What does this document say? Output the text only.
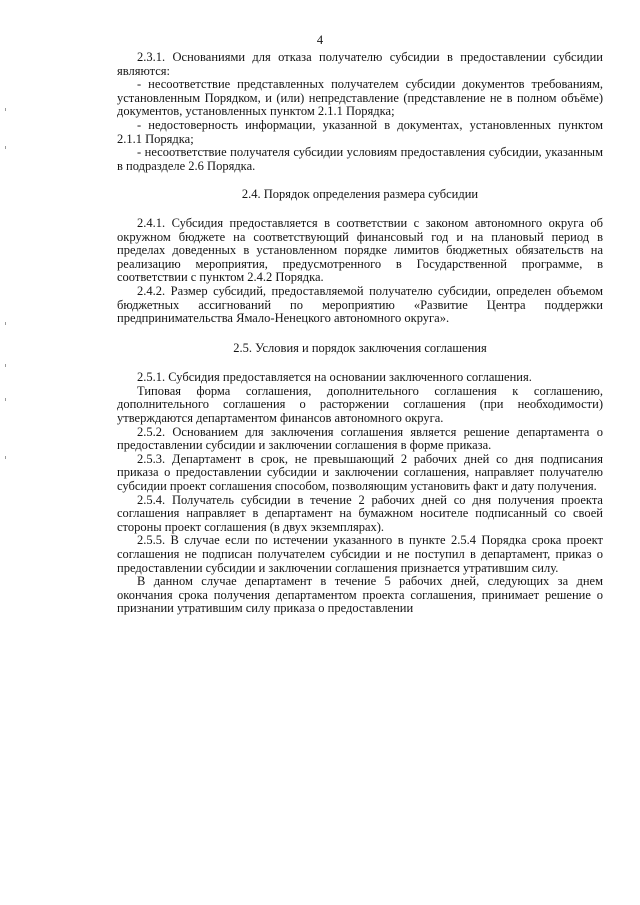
4

2.3.1. Основаниями для отказа получателю субсидии в предоставлении субсидии являются:

- несоответствие представленных получателем субсидии документов требованиям, установленным Порядком, и (или) непредставление (представление не в полном объёме) документов, установленных пунктом 2.1.1 Порядка;

- недостоверность информации, указанной в документах, установленных пунктом 2.1.1 Порядка;

- несоответствие получателя субсидии условиям предоставления субсидии, указанным в подразделе 2.6 Порядка.

2.4. Порядок определения размера субсидии

2.4.1. Субсидия предоставляется в соответствии с законом автономного округа об окружном бюджете на соответствующий финансовый год и на плановый период в пределах доведенных в установленном порядке лимитов бюджетных обязательств на реализацию мероприятия, предусмотренного в Государственной программе, в соответствии с пунктом 2.4.2 Порядка.

2.4.2. Размер субсидий, предоставляемой получателю субсидии, определен объемом бюджетных ассигнований по мероприятию «Развитие Центра поддержки предпринимательства Ямало-Ненецкого автономного округа».

2.5. Условия и порядок заключения соглашения

2.5.1. Субсидия предоставляется на основании заключенного соглашения.

Типовая форма соглашения, дополнительного соглашения к соглашению, дополнительного соглашения о расторжении соглашения (при необходимости) утверждаются департаментом финансов автономного округа.

2.5.2. Основанием для заключения соглашения является решение департамента о предоставлении субсидии и заключении соглашения в форме приказа.

2.5.3. Департамент в срок, не превышающий 2 рабочих дней со дня подписания приказа о предоставлении субсидии и заключении соглашения, направляет получателю субсидии проект соглашения способом, позволяющим установить факт и дату получения.

2.5.4. Получатель субсидии в течение 2 рабочих дней со дня получения проекта соглашения направляет в департамент на бумажном носителе подписанный со своей стороны проект соглашения (в двух экземплярах).

2.5.5. В случае если по истечении указанного в пункте 2.5.4 Порядка срока проект соглашения не подписан получателем субсидии и не поступил в департамент, приказ о предоставлении субсидии и заключении соглашения признается утратившим силу.

В данном случае департамент в течение 5 рабочих дней, следующих за днем окончания срока получения департаментом проекта соглашения, принимает решение о признании утратившим силу приказа о предоставлении
